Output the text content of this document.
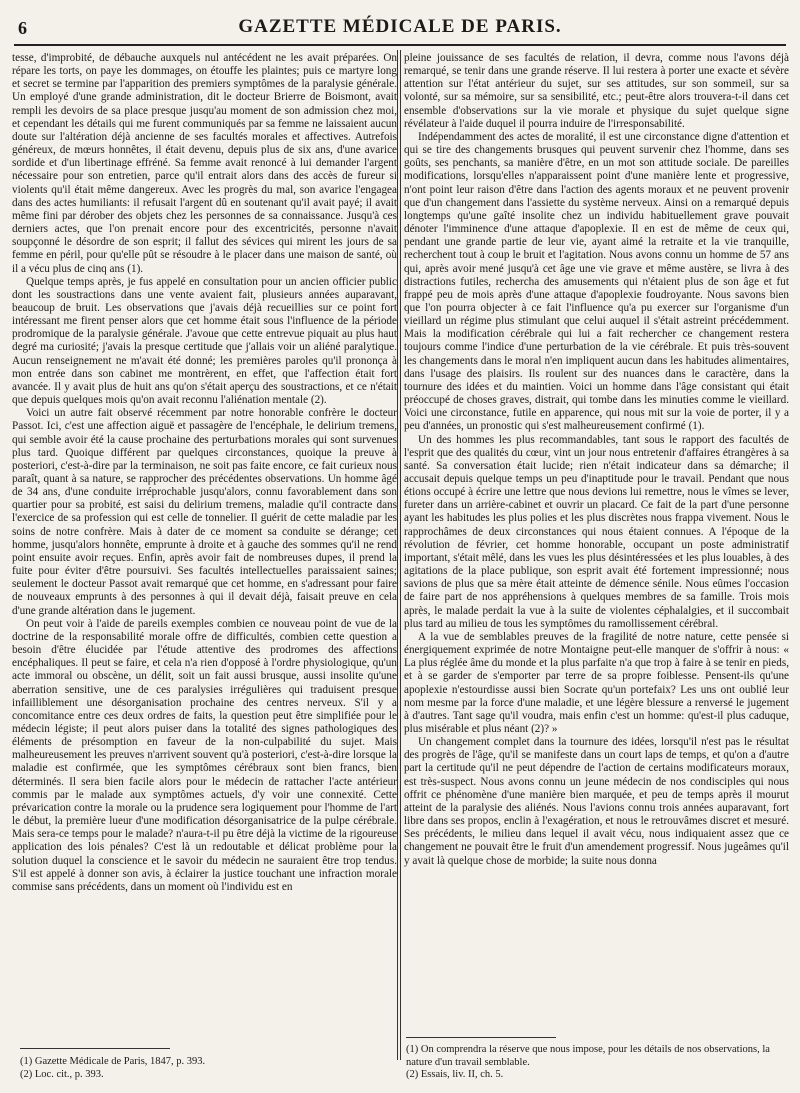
6	GAZETTE MÉDICALE DE PARIS.

tesse, d'improbité, de débauche auxquels nul antécédent ne les avait préparées. On répare les torts, on paye les dommages, on étouffe les plaintes; puis ce martyre long et secret se termine par l'apparition des premiers symptômes de la paralysie générale. Un employé d'une grande administration, dit le docteur Brierre de Boismont, avait rempli les devoirs de sa place presque jusqu'au moment de son admission chez moi, et cependant les détails qui me furent communiqués par sa femme ne laissaient aucun doute sur l'altération déjà ancienne de ses facultés morales et affectives. Autrefois généreux, de mœurs honnêtes, il était devenu, depuis plus de six ans, d'une avarice sordide et d'un libertinage effréné. Sa femme avait renoncé à lui demander l'argent nécessaire pour son entretien, parce qu'il entrait alors dans des accès de fureur si violents qu'il était même dangereux. Avec les progrès du mal, son avarice l'engagea dans des actes humiliants: il refusait l'argent dû en soutenant qu'il avait payé; il avait même fini par dérober des objets chez les personnes de sa connaissance. Jusqu'à ces derniers actes, que l'on prenait encore pour des excentricités, personne n'avait soupçonné le désordre de son esprit; il fallut des sévices qui mirent les jours de sa femme en péril, pour qu'elle pût se résoudre à le placer dans une maison de santé, où il a vécu plus de cinq ans (1).

Quelque temps après, je fus appelé en consultation pour un ancien officier public dont les soustractions dans une vente avaient fait, plusieurs années auparavant, beaucoup de bruit. Les observations que j'avais déjà recueillies sur ce point fort intéressant me firent penser alors que cet homme était sous l'influence de la période prodromique de la paralysie générale. J'avoue que cette entrevue piquait au plus haut degré ma curiosité; j'avais la presque certitude que j'allais voir un aliéné paralytique. Aucun renseignement ne m'avait été donné; les premières paroles qu'il prononça à mon entrée dans son cabinet me montrèrent, en effet, que l'affection était fort avancée. Il y avait plus de huit ans qu'on s'était aperçu des soustractions, et ce n'était que depuis quelques mois qu'on avait reconnu l'aliénation mentale (2).

Voici un autre fait observé récemment par notre honorable confrère le docteur Passot. Ici, c'est une affection aiguë et passagère de l'encéphale, le delirium tremens, qui semble avoir été la cause prochaine des perturbations morales qui sont survenues plus tard. Quoique différent par quelques circonstances, quoique la preuve à posteriori, c'est-à-dire par la terminaison, ne soit pas faite encore, ce fait curieux nous paraît, quant à sa nature, se rapprocher des précédentes observations. Un homme âgé de 34 ans, d'une conduite irréprochable jusqu'alors, connu favorablement dans son quartier pour sa probité, est saisi du delirium tremens, maladie qu'il contracte dans l'exercice de sa profession qui est celle de tonnelier. Il guérit de cette maladie par les soins de notre confrère. Mais à dater de ce moment sa conduite se dérange; cet homme, jusqu'alors honnête, emprunte à droite et à gauche des sommes qu'il ne rend point ensuite avoir reçues. Enfin, après avoir fait de nombreuses dupes, il prend la fuite pour éviter d'être poursuivi. Ses facultés intellectuelles paraissaient saines; seulement le docteur Passot avait remarqué que cet homme, en s'adressant pour faire de nouveaux emprunts à des personnes à qui il devait déjà, faisait preuve en cela d'une grande altération dans le jugement.

On peut voir à l'aide de pareils exemples combien ce nouveau point de vue de la doctrine de la responsabilité morale offre de difficultés, combien cette question a besoin d'être élucidée par l'étude attentive des prodromes des affections encéphaliques. Il peut se faire, et cela n'a rien d'opposé à l'ordre physiologique, qu'un acte immoral ou obscène, un délit, soit un fait aussi brusque, aussi insolite qu'une aberration sensitive, une de ces paralysies irrégulières qui traduisent presque infailliblement une désorganisation prochaine des centres nerveux. S'il y a concomitance entre ces deux ordres de faits, la question peut être simplifiée pour le médecin légiste; il peut alors puiser dans la totalité des signes pathologiques des éléments de présomption en faveur de la non-culpabilité du sujet. Mais malheureusement les preuves n'arrivent souvent qu'à posteriori, c'est-à-dire lorsque la maladie est confirmée, que les symptômes cérébraux sont bien francs, bien déterminés. Il sera bien facile alors pour le médecin de rattacher l'acte antérieur commis par le malade aux symptômes actuels, d'y voir une connexité. Cette prévarication contre la morale ou la prudence sera logiquement pour l'homme de l'art le début, la première lueur d'une modification désorganisatrice de la pulpe cérébrale. Mais sera-ce temps pour le malade? n'aura-t-il pu être déjà la victime de la rigoureuse application des lois pénales? C'est là un redoutable et délicat problème pour la solution duquel la conscience et le savoir du médecin ne sauraient être trop tendus. S'il est appelé à donner son avis, à éclairer la justice touchant une infraction morale commise sans précédents, dans un moment où l'individu est en

pleine jouissance de ses facultés de relation, il devra, comme nous l'avons déjà remarqué, se tenir dans une grande réserve. Il lui restera à porter une exacte et sévère attention sur l'état antérieur du sujet, sur ses attitudes, sur son sommeil, sur sa volonté, sur sa mémoire, sur sa sensibilité, etc.; peut-être alors trouvera-t-il dans cet ensemble d'observations sur la vie morale et physique du sujet quelque signe révélateur à l'aide duquel il pourra induire de l'irresponsabilité.

Indépendamment des actes de moralité, il est une circonstance digne d'attention et qui se tire des changements brusques qui peuvent survenir chez l'homme, dans ses goûts, ses penchants, sa manière d'être, en un mot son attitude sociale. De pareilles modifications, lorsqu'elles n'apparaissent point d'une manière lente et progressive, n'ont point leur raison d'être dans l'action des agents moraux et ne peuvent provenir que d'un changement dans l'assiette du système nerveux. Ainsi on a remarqué depuis longtemps qu'une gaîté insolite chez un individu habituellement grave pouvait dénoter l'imminence d'une attaque d'apoplexie. Il en est de même de ceux qui, pendant une grande partie de leur vie, ayant aimé la retraite et la vie tranquille, recherchent tout à coup le bruit et l'agitation. Nous avons connu un homme de 57 ans qui, après avoir mené jusqu'à cet âge une vie grave et même austère, se livra à des distractions futiles, rechercha des amusements qui n'étaient plus de son âge et fut frappé peu de mois après d'une attaque d'apoplexie foudroyante. Nous savons bien que l'on pourra objecter à ce fait l'influence qu'a pu exercer sur l'organisme d'un vieillard un régime plus stimulant que celui auquel il s'était astreint précédemment. Mais la modification cérébrale qui lui a fait rechercher ce changement restera toujours comme l'indice d'une perturbation de la vie cérébrale. Et puis très-souvent les changements dans le moral n'en impliquent aucun dans les habitudes alimentaires, dans l'usage des plaisirs. Ils roulent sur des nuances dans le caractère, dans la tournure des idées et du maintien. Voici un homme dans l'âge consistant qui était préoccupé de choses graves, distrait, qui tombe dans les minuties comme le vieillard. Voici une circonstance, futile en apparence, qui nous mit sur la voie de porter, il y a peu d'années, un pronostic qui s'est malheureusement confirmé (1).

Un des hommes les plus recommandables, tant sous le rapport des facultés de l'esprit que des qualités du cœur, vint un jour nous entretenir d'affaires étrangères à sa santé. Sa conversation était lucide; rien n'était indicateur dans sa démarche; il accusait depuis quelque temps un peu d'inaptitude pour le travail. Pendant que nous étions occupé à écrire une lettre que nous devions lui remettre, nous le vîmes se lever, fureter dans un arrière-cabinet et ouvrir un placard. Ce fait de la part d'une personne ayant les habitudes les plus polies et les plus discrètes nous frappa vivement. Nous le rapprochâmes de deux circonstances qui nous étaient connues. A l'époque de la révolution de février, cet homme honorable, occupant un poste administratif important, s'était mêlé, dans les vues les plus désintéressées et les plus louables, à des agitations de la place publique, son esprit avait été fortement impressionné; nous savions de plus que sa mère était atteinte de démence sénile. Nous eûmes l'occasion de faire part de nos appréhensions à quelques membres de sa famille. Trois mois après, le malade perdait la vue à la suite de violentes céphalalgies, et il succombait plus tard au milieu de tous les symptômes du ramollissement cérébral.

A la vue de semblables preuves de la fragilité de notre nature, cette pensée si énergiquement exprimée de notre Montaigne peut-elle manquer de s'offrir à nous: « La plus réglée âme du monde et la plus parfaite n'a que trop à faire à se tenir en pieds, et à se garder de s'emporter par terre de sa propre foiblesse. Pensent-ils qu'une apoplexie n'estourdisse aussi bien Socrate qu'un portefaix? Les uns ont oublié leur nom mesme par la force d'une maladie, et une légère blessure a renversé le jugement à d'autres. Tant sage qu'il voudra, mais enfin c'est un homme: qu'est-il plus caduque, plus misérable et plus néant (2)? »

Un changement complet dans la tournure des idées, lorsqu'il n'est pas le résultat des progrès de l'âge, qu'il se manifeste dans un court laps de temps, et qu'on a d'autre part la certitude qu'il ne peut dépendre de l'action de certains modificateurs moraux, est très-suspect. Nous avons connu un jeune médecin de nos condisciples qui nous offrit ce phénomène d'une manière bien marquée, et peu de temps après il mourut atteint de la paralysie des aliénés. Nous l'avions connu trois années auparavant, fort libre dans ses propos, enclin à l'exagération, et nous le retrouvâmes discret et mesuré. Ses précédents, le milieu dans lequel il avait vécu, nous indiquaient assez que ce changement ne pouvait être le fruit d'un amendement progressif. Nous jugeâmes qu'il y avait là quelque chose de morbide; la suite nous donna

(1) Gazette Médicale de Paris, 1847, p. 393.
(2) Loc. cit., p. 393.
(1) On comprendra la réserve que nous impose, pour les détails de nos observations, la nature d'un travail semblable.
(2) Essais, liv. II, ch. 5.
